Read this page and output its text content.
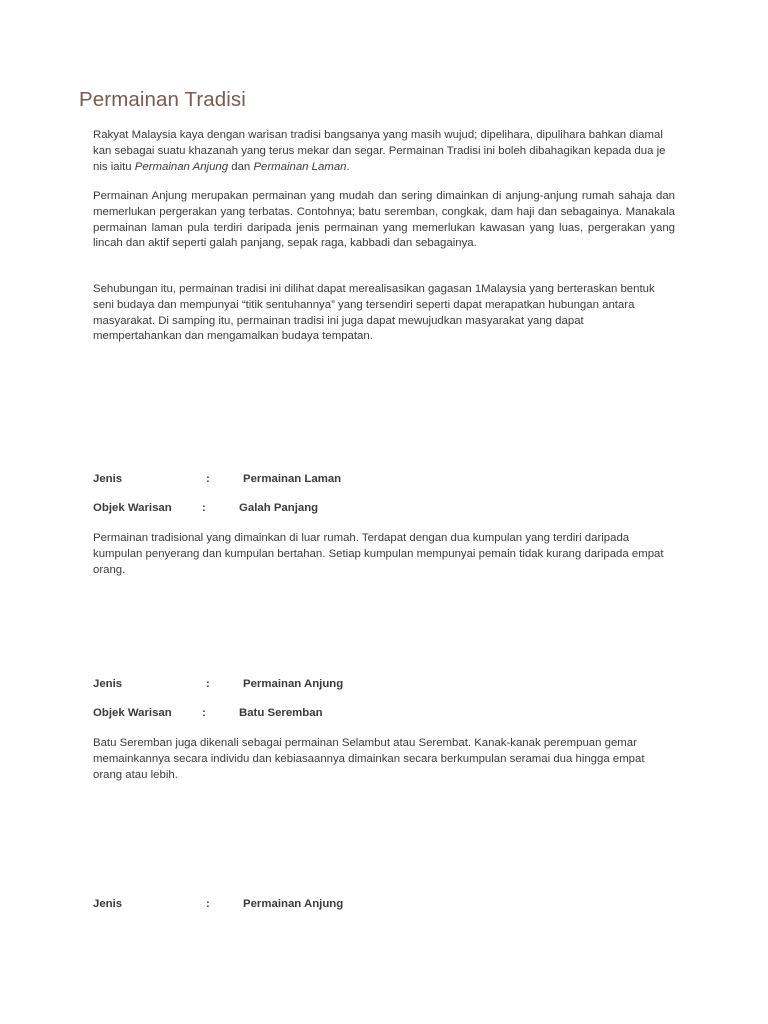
Permainan Tradisi

Rakyat Malaysia kaya dengan warisan tradisi bangsanya yang masih wujud; dipelihara, dipulihara bahkan diamal kan sebagai suatu khazanah yang terus mekar dan segar. Permainan Tradisi ini boleh dibahagikan kepada dua je nis iaitu Permainan Anjung dan Permainan Laman.

Permainan Anjung merupakan permainan yang mudah dan sering dimainkan di anjung-anjung rumah sahaja dan memerlukan pergerakan yang terbatas. Contohnya; batu seremban, congkak, dam haji dan sebagainya. Manakala permainan laman pula terdiri daripada jenis permainan yang memerlukan kawasan yang luas, pergerakan yang lincah dan aktif seperti galah panjang, sepak raga, kabbadi dan sebagainya.

Sehubungan itu, permainan tradisi ini dilihat dapat merealisasikan gagasan 1Malaysia yang berteraskan bentuk seni budaya dan mempunyai “titik sentuhannya” yang tersendiri seperti dapat merapatkan hubungan antara masyarakat. Di samping itu, permainan tradisi ini juga dapat mewujudkan masyarakat yang dapat mempertahankan dan mengamalkan budaya tempatan.

Jenis	:	Permainan Laman
Objek Warisan	:	Galah Panjang

Permainan tradisional yang dimainkan di luar rumah. Terdapat dengan dua kumpulan yang terdiri daripada kumpulan penyerang dan kumpulan bertahan. Setiap kumpulan mempunyai pemain tidak kurang daripada empat orang.

Jenis	:	Permainan Anjung
Objek Warisan	:	Batu Seremban

Batu Seremban juga dikenali sebagai permainan Selambut atau Serembat. Kanak-kanak perempuan gemar memainkannya secara individu dan kebiasaannya dimainkan secara berkumpulan seramai dua hingga empat orang atau lebih.

Jenis	:	Permainan Anjung
